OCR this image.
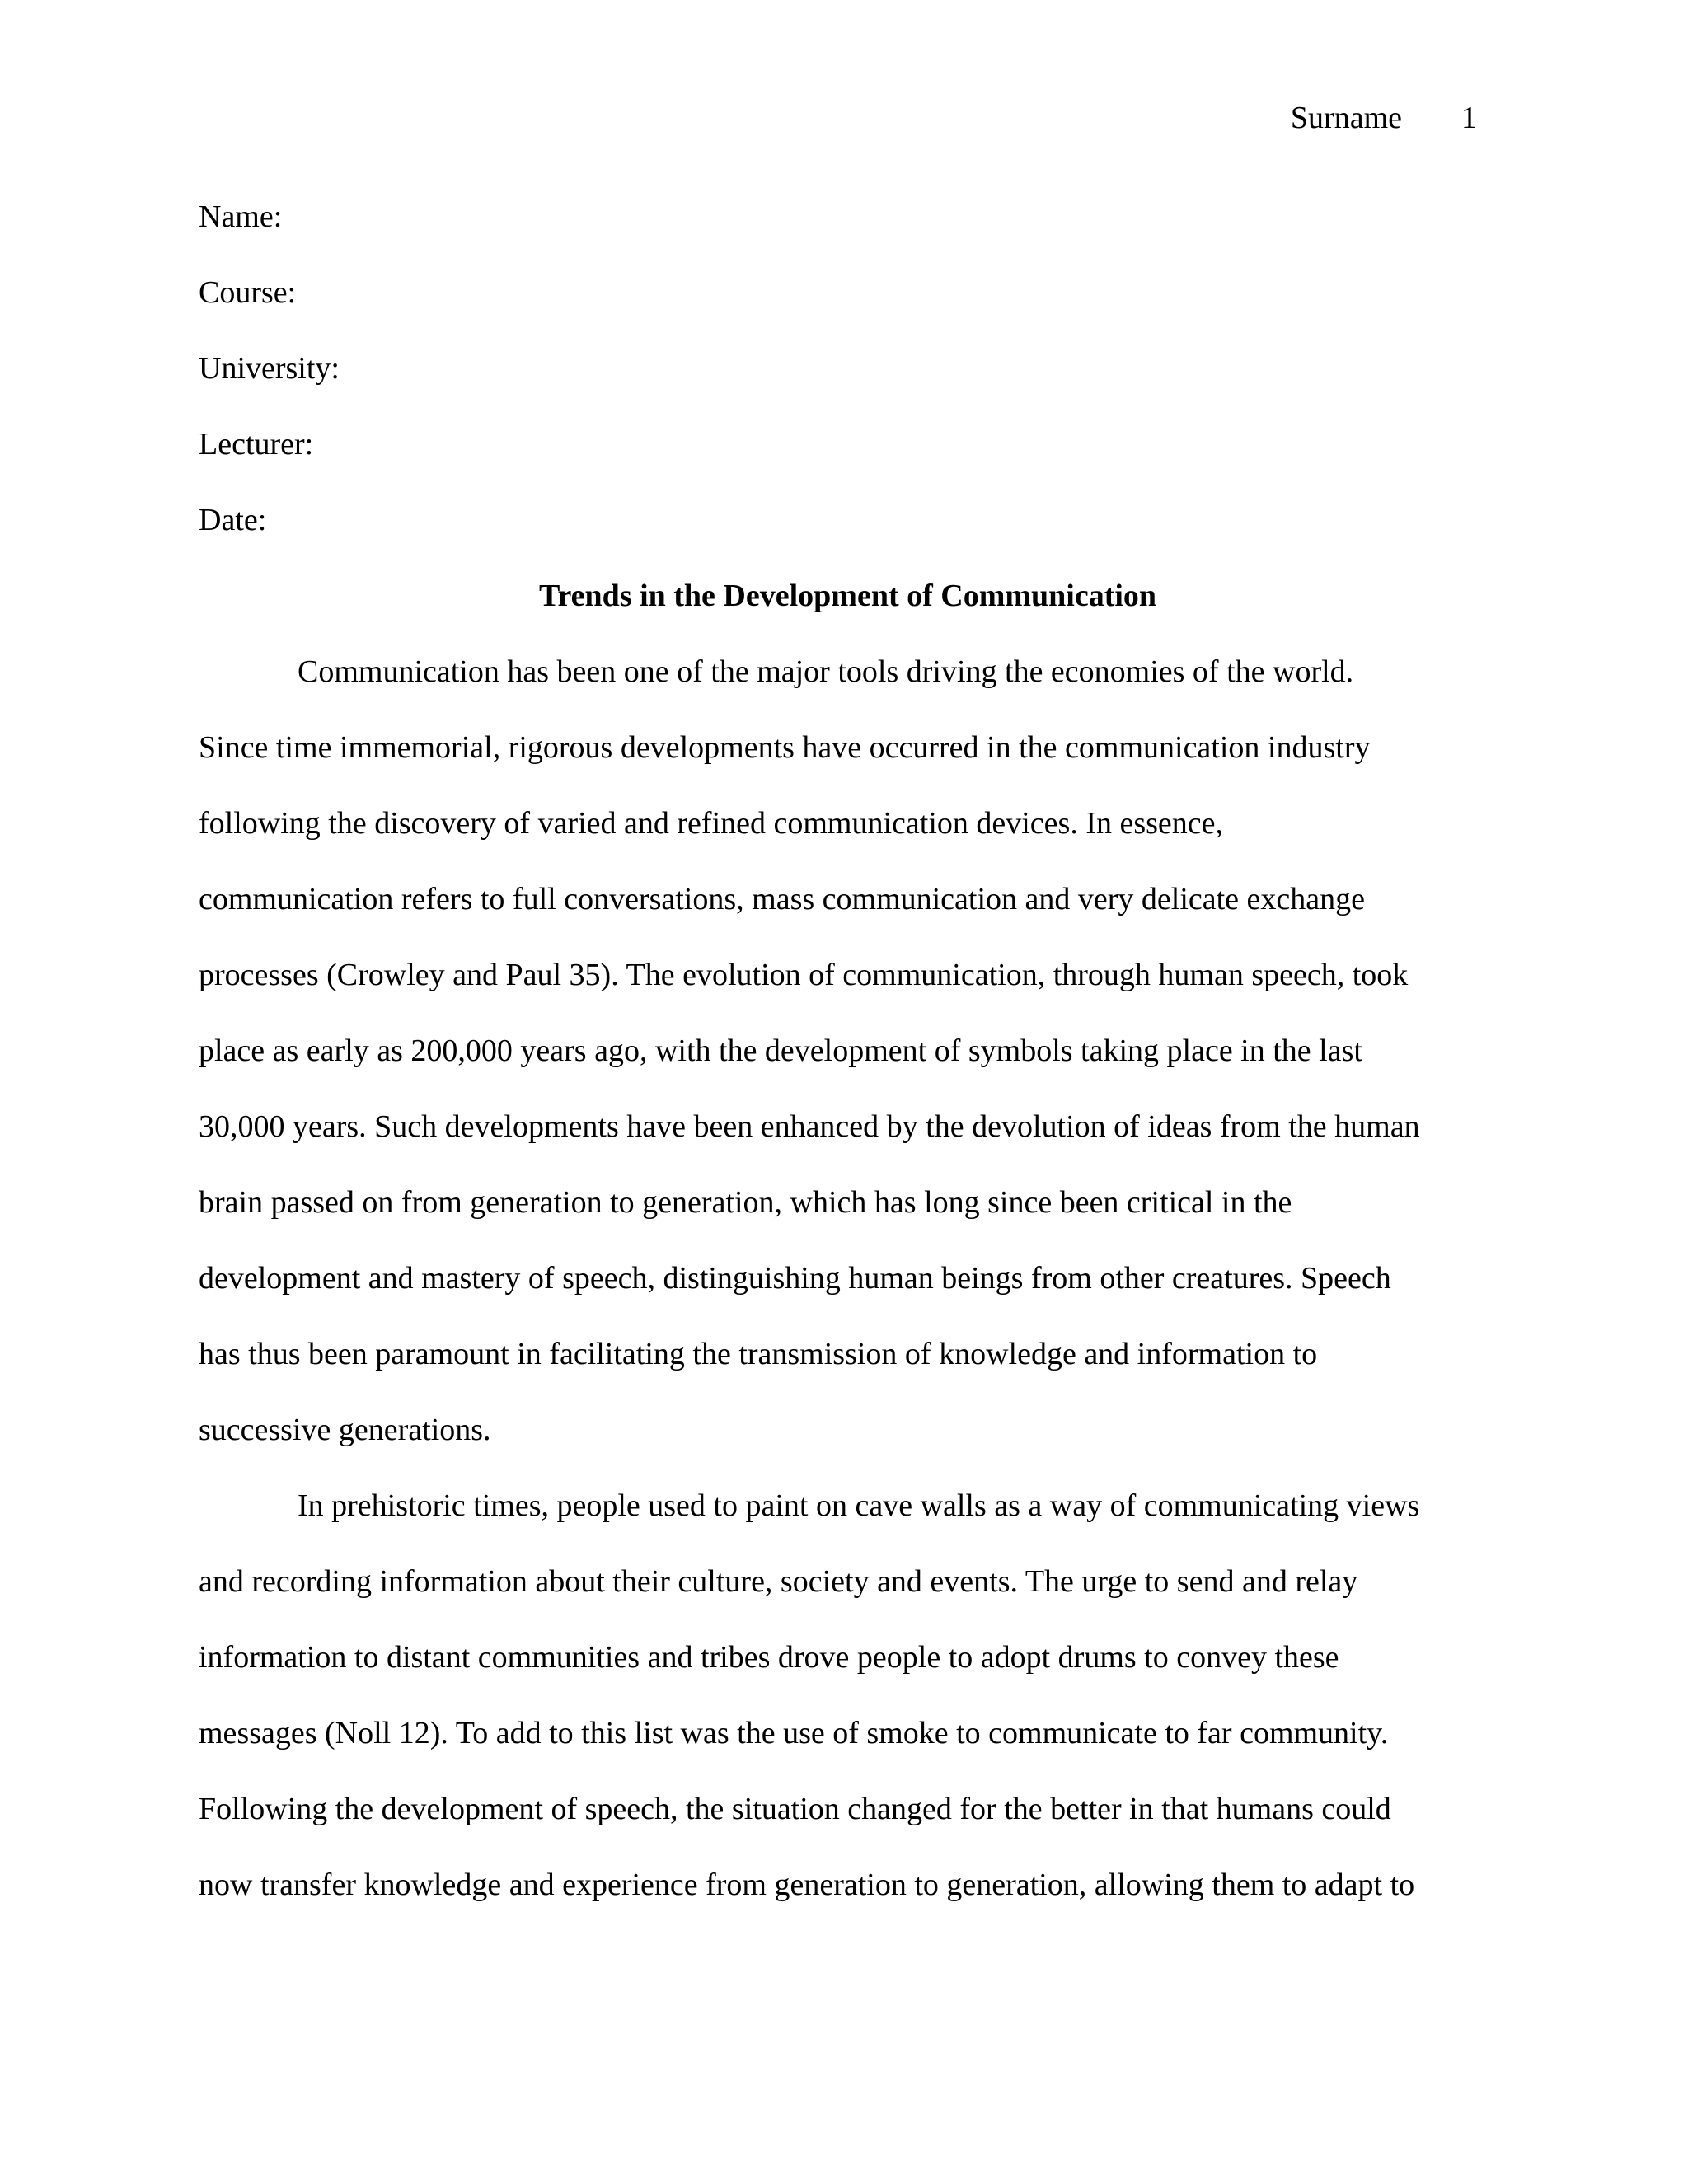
Surname 1
Name:
Course:
University:
Lecturer:
Date:
Trends in the Development of Communication
Communication has been one of the major tools driving the economies of the world.
Since time immemorial, rigorous developments have occurred in the communication industry
following the discovery of varied and refined communication devices. In essence,
communication refers to full conversations, mass communication and very delicate exchange
processes (Crowley and Paul 35). The evolution of communication, through human speech, took
place as early as 200,000 years ago, with the development of symbols taking place in the last
30,000 years. Such developments have been enhanced by the devolution of ideas from the human
brain passed on from generation to generation, which has long since been critical in the
development and mastery of speech, distinguishing human beings from other creatures. Speech
has thus been paramount in facilitating the transmission of knowledge and information to
successive generations.
In prehistoric times, people used to paint on cave walls as a way of communicating views
and recording information about their culture, society and events. The urge to send and relay
information to distant communities and tribes drove people to adopt drums to convey these
messages (Noll 12). To add to this list was the use of smoke to communicate to far community.
Following the development of speech, the situation changed for the better in that humans could
now transfer knowledge and experience from generation to generation, allowing them to adapt to
